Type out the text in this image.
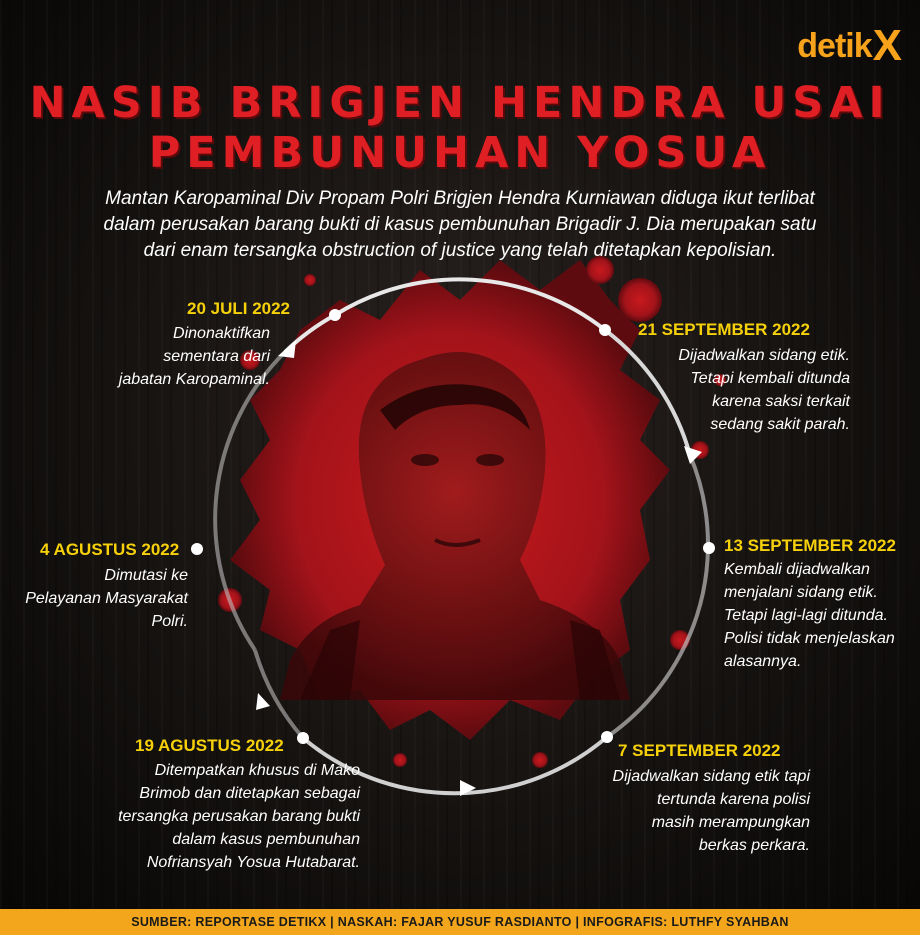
detik X
NASIB BRIGJEN HENDRA USAI
PEMBUNUHAN YOSUA
Mantan Karopaminal Div Propam Polri Brigjen Hendra Kurniawan diduga ikut terlibat
dalam perusakan barang bukti di kasus pembunuhan Brigadir J. Dia merupakan satu
dari enam tersangka obstruction of justice yang telah ditetapkan kepolisian.
20 JULI 2022
Dinonaktifkan
sementara dari
jabatan Karopaminal.
21 SEPTEMBER 2022
Dijadwalkan sidang etik.
Tetapi kembali ditunda
karena saksi terkait
sedang sakit parah.
4 AGUSTUS 2022
Dimutasi ke
Pelayanan Masyarakat
Polri.
13 SEPTEMBER 2022
Kembali dijadwalkan
menjalani sidang etik.
Tetapi lagi-lagi ditunda.
Polisi tidak menjelaskan
alasannya.
19 AGUSTUS 2022
Ditempatkan khusus di Mako
Brimob dan ditetapkan sebagai
tersangka perusakan barang bukti
dalam kasus pembunuhan
Nofriansyah Yosua Hutabarat.
7 SEPTEMBER 2022
Dijadwalkan sidang etik tapi
tertunda karena polisi
masih merampungkan
berkas perkara.
SUMBER: REPORTASE DETIKX | NASKAH: FAJAR YUSUF RASDIANTO | INFOGRAFIS: LUTHFY SYAHBAN
